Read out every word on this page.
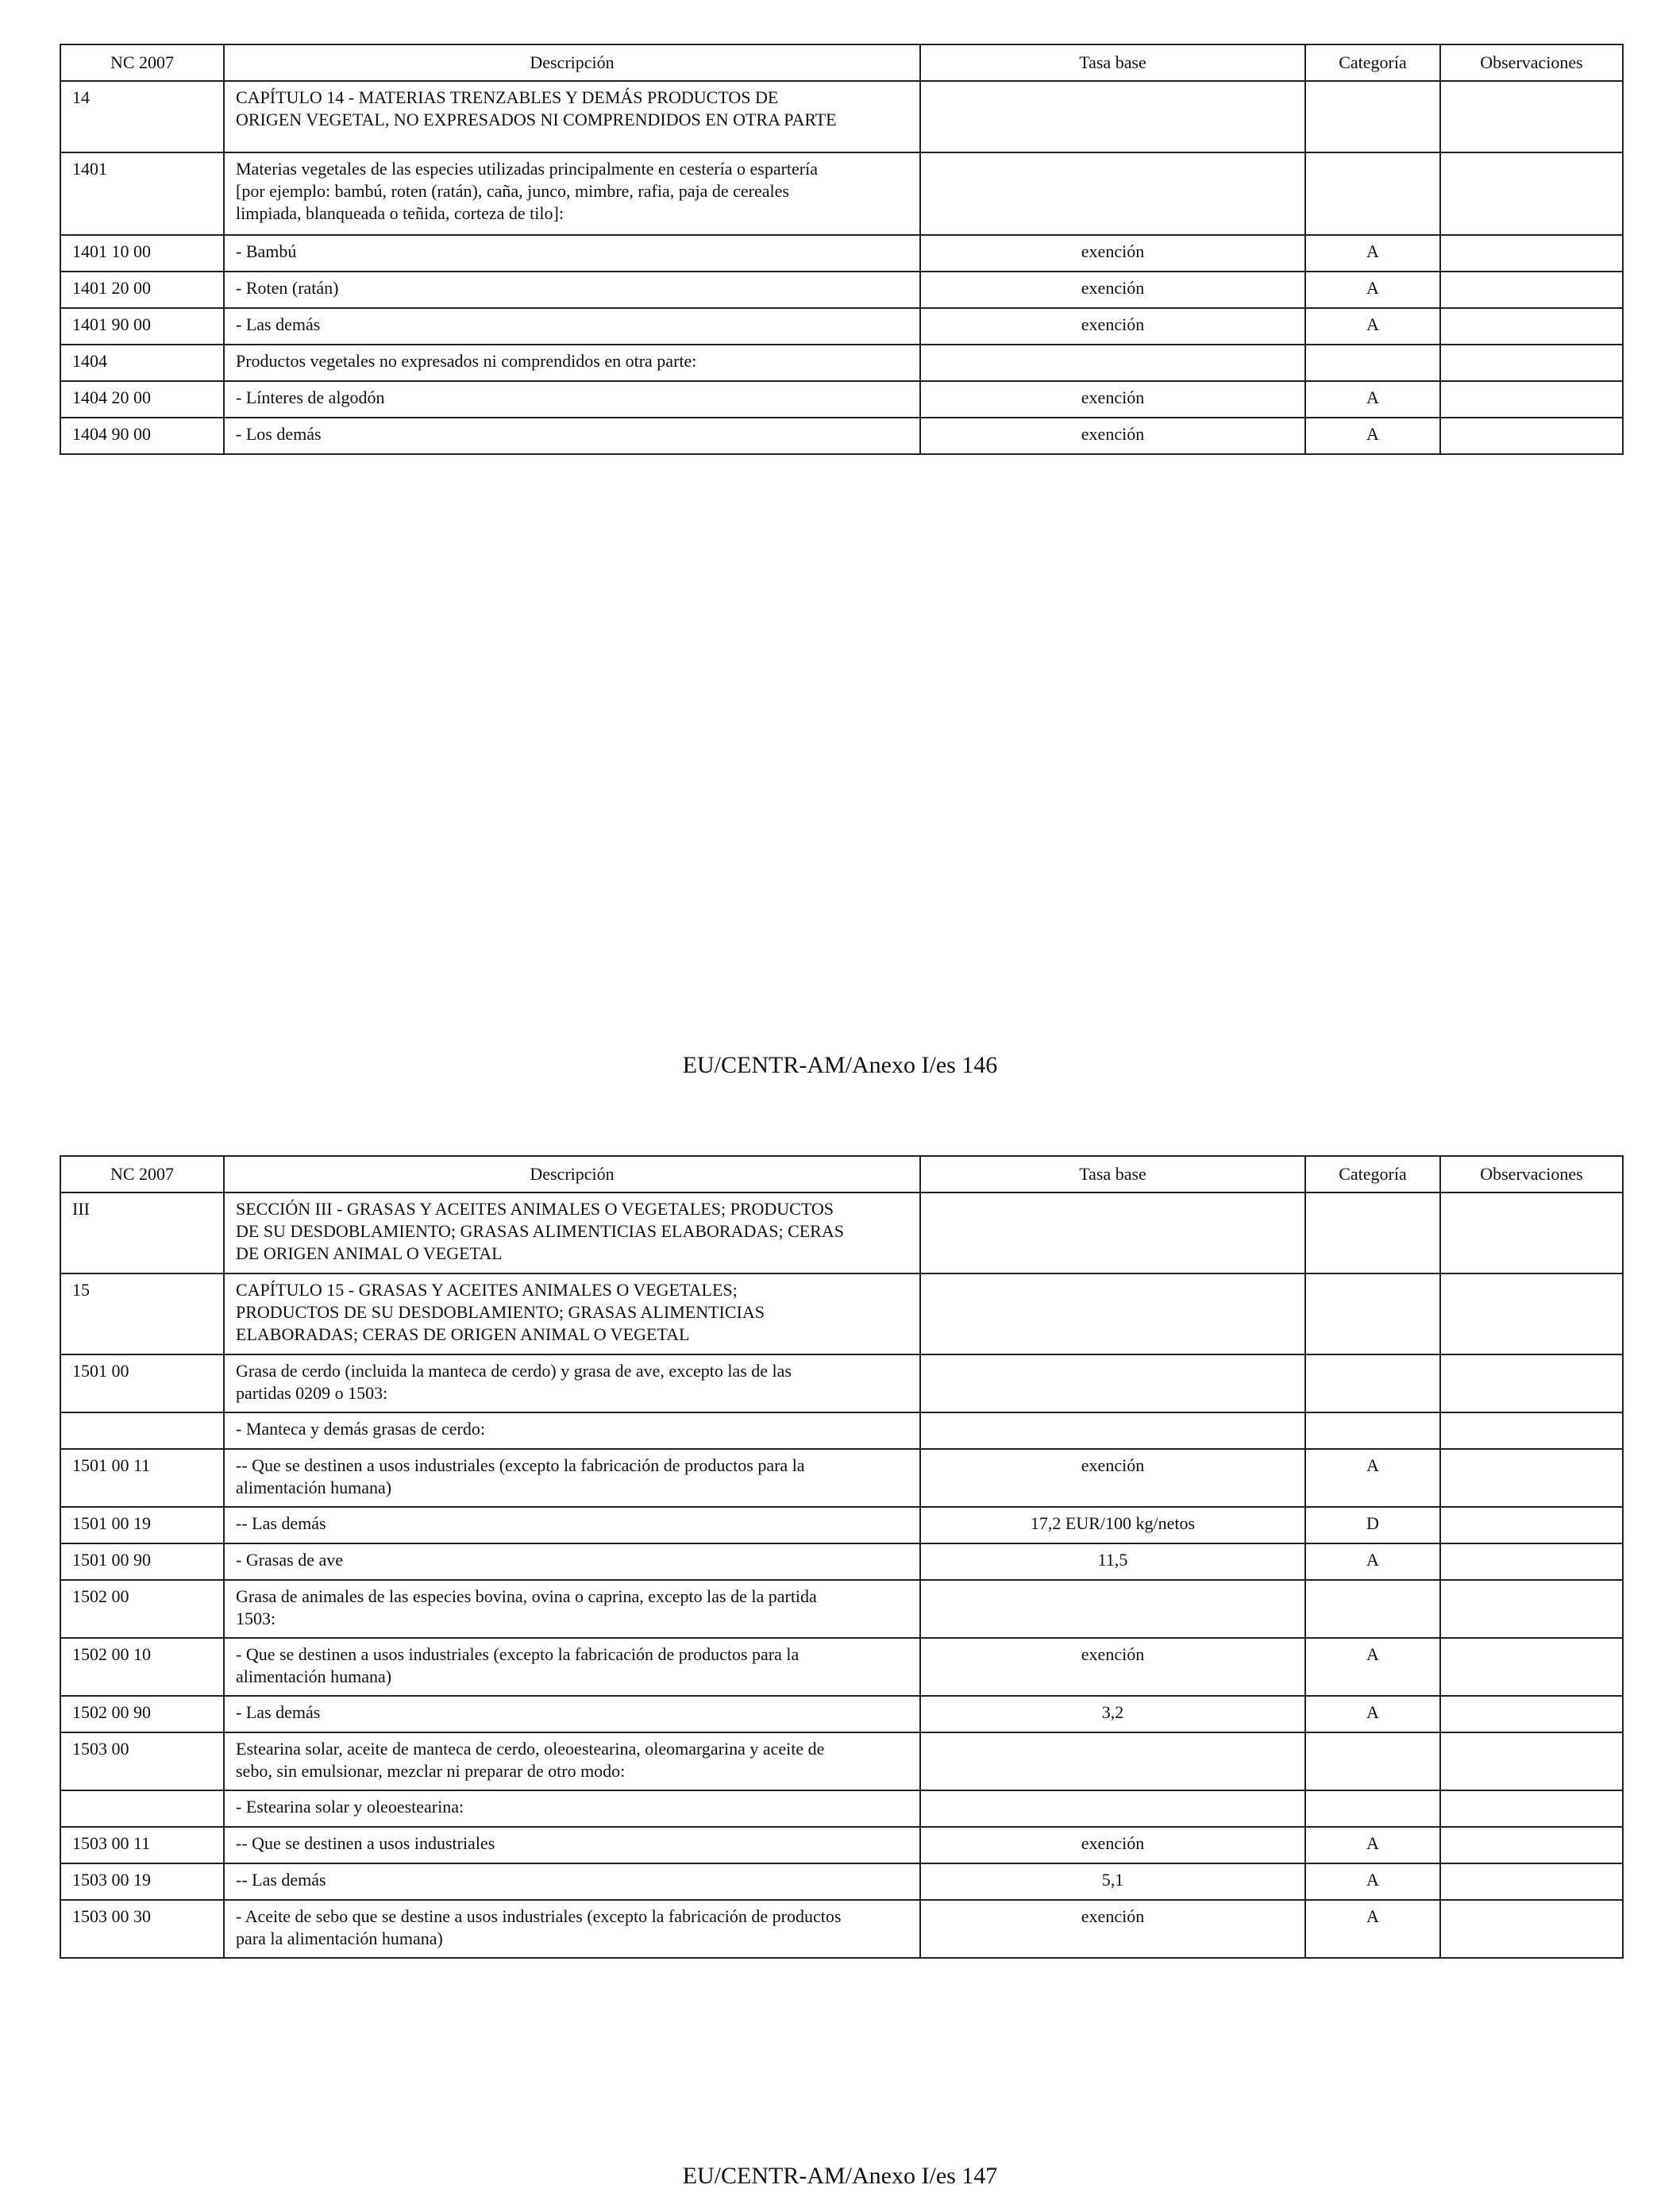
NC 2007	Descripción	Tasa base	Categoría	Observaciones
14	CAPÍTULO 14 - MATERIAS TRENZABLES Y DEMÁS PRODUCTOS DE
ORIGEN VEGETAL, NO EXPRESADOS NI COMPRENDIDOS EN OTRA PARTE			
1401	Materias vegetales de las especies utilizadas principalmente en cestería o espartería
[por ejemplo: bambú, roten (ratán), caña, junco, mimbre, rafia, paja de cereales
limpiada, blanqueada o teñida, corteza de tilo]:			
1401 10 00	- Bambú	exención	A	
1401 20 00	- Roten (ratán)	exención	A	
1401 90 00	- Las demás	exención	A	
1404	Productos vegetales no expresados ni comprendidos en otra parte:			
1404 20 00	- Línteres de algodón	exención	A	
1404 90 00	- Los demás	exención	A	
EU/CENTR-AM/Anexo I/es 146
NC 2007	Descripción	Tasa base	Categoría	Observaciones
III	SECCIÓN III - GRASAS Y ACEITES ANIMALES O VEGETALES; PRODUCTOS
DE SU DESDOBLAMIENTO; GRASAS ALIMENTICIAS ELABORADAS; CERAS
DE ORIGEN ANIMAL O VEGETAL			
15	CAPÍTULO 15 - GRASAS Y ACEITES ANIMALES O VEGETALES;
PRODUCTOS DE SU DESDOBLAMIENTO; GRASAS ALIMENTICIAS
ELABORADAS; CERAS DE ORIGEN ANIMAL O VEGETAL			
1501 00	Grasa de cerdo (incluida la manteca de cerdo) y grasa de ave, excepto las de las
partidas 0209 o 1503:			
	- Manteca y demás grasas de cerdo:			
1501 00 11	-- Que se destinen a usos industriales (excepto la fabricación de productos para la
alimentación humana)	exención	A	
1501 00 19	-- Las demás	17,2 EUR/100 kg/netos	D	
1501 00 90	- Grasas de ave	11,5	A	
1502 00	Grasa de animales de las especies bovina, ovina o caprina, excepto las de la partida
1503:			
1502 00 10	- Que se destinen a usos industriales (excepto la fabricación de productos para la
alimentación humana)	exención	A	
1502 00 90	- Las demás	3,2	A	
1503 00	Estearina solar, aceite de manteca de cerdo, oleoestearina, oleomargarina y aceite de
sebo, sin emulsionar, mezclar ni preparar de otro modo:			
	- Estearina solar y oleoestearina:			
1503 00 11	-- Que se destinen a usos industriales	exención	A	
1503 00 19	-- Las demás	5,1	A	
1503 00 30	- Aceite de sebo que se destine a usos industriales (excepto la fabricación de productos
para la alimentación humana)	exención	A	
EU/CENTR-AM/Anexo I/es 147
